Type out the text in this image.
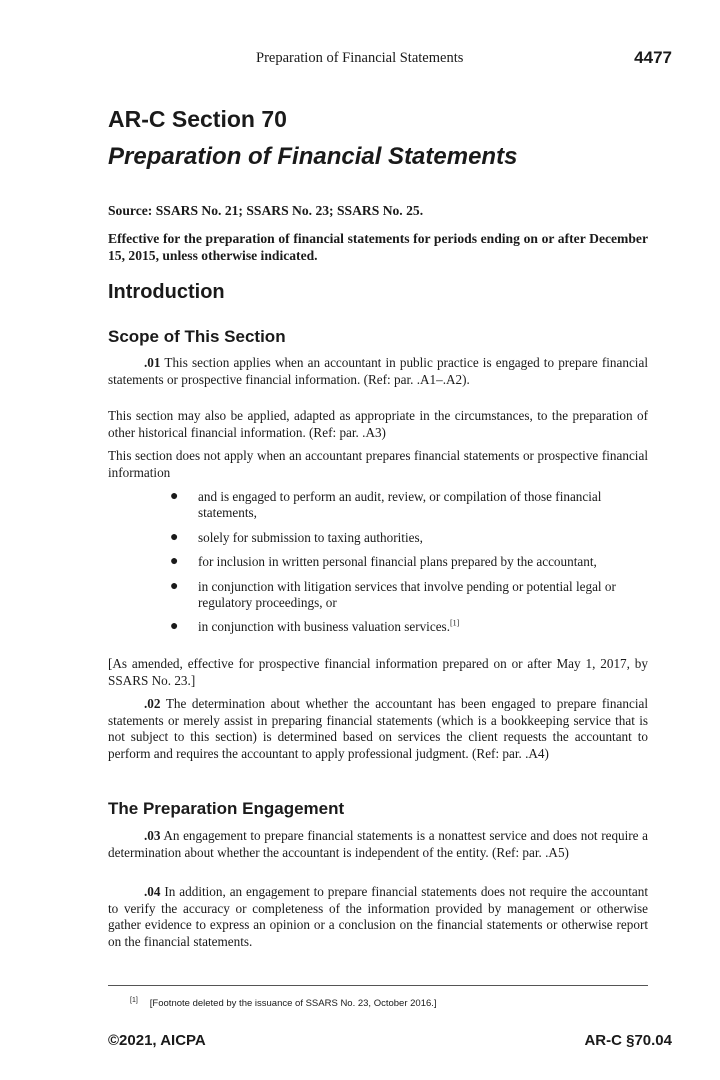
Preparation of Financial Statements	4477
AR-C Section 70
Preparation of Financial Statements
Source: SSARS No. 21; SSARS No. 23; SSARS No. 25.
Effective for the preparation of financial statements for periods ending on or after December 15, 2015, unless otherwise indicated.
Introduction
Scope of This Section
.01 This section applies when an accountant in public practice is engaged to prepare financial statements or prospective financial information. (Ref: par. .A1–.A2).
This section may also be applied, adapted as appropriate in the circumstances, to the preparation of other historical financial information. (Ref: par. .A3)
This section does not apply when an accountant prepares financial statements or prospective financial information
● and is engaged to perform an audit, review, or compilation of those financial statements,
● solely for submission to taxing authorities,
● for inclusion in written personal financial plans prepared by the accountant,
● in conjunction with litigation services that involve pending or potential legal or regulatory proceedings, or
● in conjunction with business valuation services.[1]
[As amended, effective for prospective financial information prepared on or after May 1, 2017, by SSARS No. 23.]
.02 The determination about whether the accountant has been engaged to prepare financial statements or merely assist in preparing financial statements (which is a bookkeeping service that is not subject to this section) is determined based on services the client requests the accountant to perform and requires the accountant to apply professional judgment. (Ref: par. .A4)
The Preparation Engagement
.03 An engagement to prepare financial statements is a nonattest service and does not require a determination about whether the accountant is independent of the entity. (Ref: par. .A5)
.04 In addition, an engagement to prepare financial statements does not require the accountant to verify the accuracy or completeness of the information provided by management or otherwise gather evidence to express an opinion or a conclusion on the financial statements or otherwise report on the financial statements.
[1] [Footnote deleted by the issuance of SSARS No. 23, October 2016.]
©2021, AICPA	AR-C §70.04
